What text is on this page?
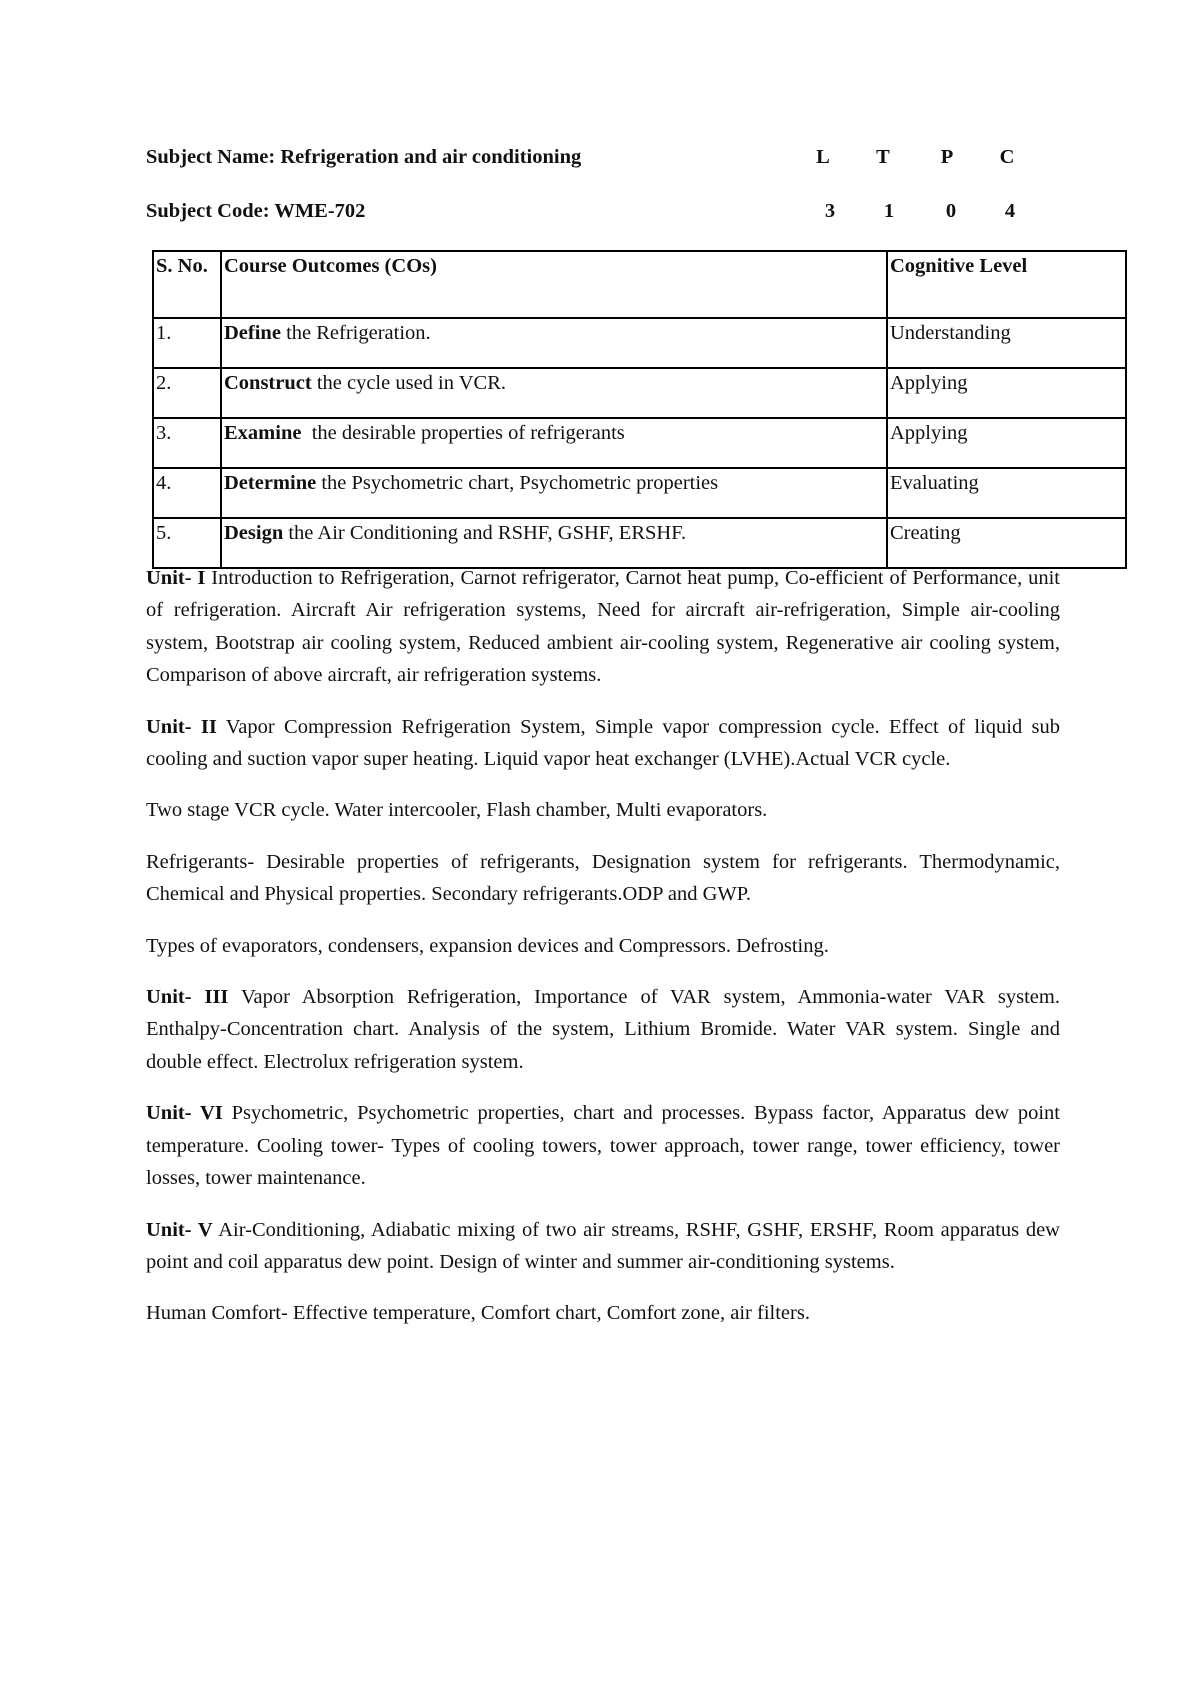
Subject Name: Refrigeration and air conditioning	L	T	P	C
Subject Code: WME-702	3	1	0	4
S. No.	Course Outcomes (COs)	Cognitive Level
1.	Define the Refrigeration.	Understanding
2.	Construct the cycle used in VCR.	Applying
3.	Examine  the desirable properties of refrigerants	Applying
4.	Determine the Psychometric chart, Psychometric properties	Evaluating
5.	Design the Air Conditioning and RSHF, GSHF, ERSHF.	Creating

Unit- I Introduction to Refrigeration, Carnot refrigerator, Carnot heat pump, Co-efficient of Performance, unit of refrigeration. Aircraft Air refrigeration systems, Need for aircraft air-refrigeration, Simple air-cooling system, Bootstrap air cooling system, Reduced ambient air-cooling system, Regenerative air cooling system, Comparison of above aircraft, air refrigeration systems.

Unit- II Vapor Compression Refrigeration System, Simple vapor compression cycle. Effect of liquid sub cooling and suction vapor super heating. Liquid vapor heat exchanger (LVHE).Actual VCR cycle.

Two stage VCR cycle. Water intercooler, Flash chamber, Multi evaporators.

Refrigerants- Desirable properties of refrigerants, Designation system for refrigerants. Thermodynamic, Chemical and Physical properties. Secondary refrigerants.ODP and GWP.

Types of evaporators, condensers, expansion devices and Compressors. Defrosting.

Unit- III Vapor Absorption Refrigeration, Importance of VAR system, Ammonia-water VAR system. Enthalpy-Concentration chart. Analysis of the system, Lithium Bromide. Water VAR system. Single and double effect. Electrolux refrigeration system.

Unit- VI Psychometric, Psychometric properties, chart and processes. Bypass factor, Apparatus dew point temperature. Cooling tower- Types of cooling towers, tower approach, tower range, tower efficiency, tower losses, tower maintenance.

Unit- V Air-Conditioning, Adiabatic mixing of two air streams, RSHF, GSHF, ERSHF, Room apparatus dew point and coil apparatus dew point. Design of winter and summer air-conditioning systems.

Human Comfort- Effective temperature, Comfort chart, Comfort zone, air filters.
